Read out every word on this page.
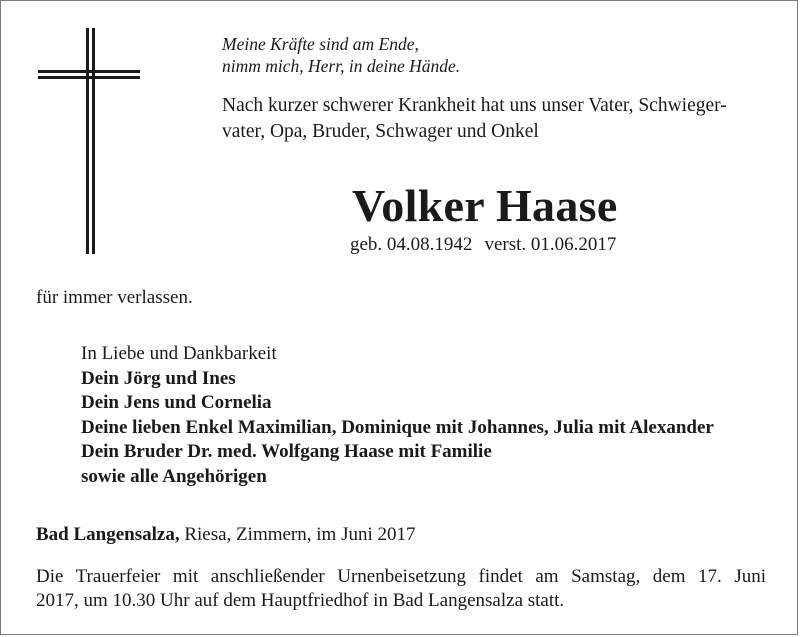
Meine Kräfte sind am Ende,
nimm mich, Herr, in deine Hände.
Nach kurzer schwerer Krankheit hat uns unser Vater, Schwieger-
vater, Opa, Bruder, Schwager und Onkel
Volker Haase
geb. 04.08.1942 verst. 01.06.2017
für immer verlassen.
In Liebe und Dankbarkeit
Dein Jörg und Ines
Dein Jens und Cornelia
Deine lieben Enkel Maximilian, Dominique mit Johannes, Julia mit Alexander
Dein Bruder Dr. med. Wolfgang Haase mit Familie
sowie alle Angehörigen
Bad Langensalza, Riesa, Zimmern, im Juni 2017
Die Trauerfeier mit anschließender Urnenbeisetzung findet am Samstag, dem 17. Juni
2017, um 10.30 Uhr auf dem Hauptfriedhof in Bad Langensalza statt.
